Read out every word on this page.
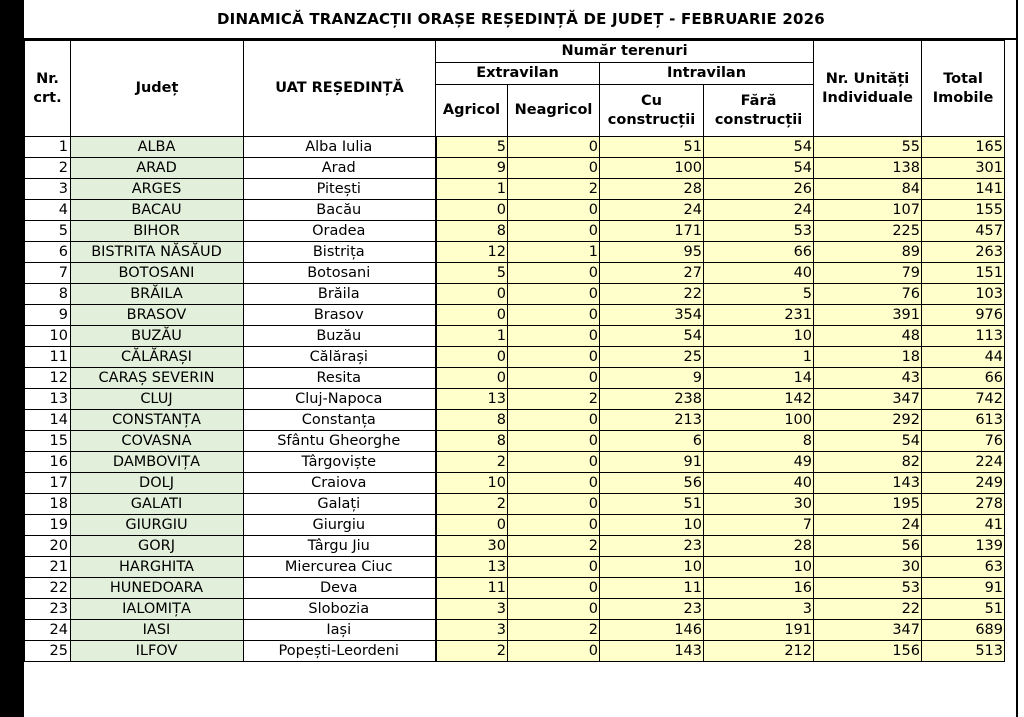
DINAMICĂ TRANZACȚII ORAȘE REȘEDINȚĂ DE JUDEȚ - FEBRUARIE 2026
Nr. crt.	Județ	UAT REȘEDINȚĂ	Număr terenuri				Nr. Unități Individuale	Total Imobile
			Extravilan		Intravilan			
			Agricol	Neagricol	Cu construcții	Fără construcții		
1	ALBA	Alba Iulia	5	0	51	54	55	165
2	ARAD	Arad	9	0	100	54	138	301
3	ARGES	Pitești	1	2	28	26	84	141
4	BACAU	Bacău	0	0	24	24	107	155
5	BIHOR	Oradea	8	0	171	53	225	457
6	BISTRITA NĂSĂUD	Bistrița	12	1	95	66	89	263
7	BOTOSANI	Botosani	5	0	27	40	79	151
8	BRĂILA	Brăila	0	0	22	5	76	103
9	BRASOV	Brasov	0	0	354	231	391	976
10	BUZĂU	Buzău	1	0	54	10	48	113
11	CĂLĂRAȘI	Călărași	0	0	25	1	18	44
12	CARAȘ SEVERIN	Resita	0	0	9	14	43	66
13	CLUJ	Cluj-Napoca	13	2	238	142	347	742
14	CONSTANȚA	Constanța	8	0	213	100	292	613
15	COVASNA	Sfântu Gheorghe	8	0	6	8	54	76
16	DAMBOVIȚA	Târgoviște	2	0	91	49	82	224
17	DOLJ	Craiova	10	0	56	40	143	249
18	GALATI	Galați	2	0	51	30	195	278
19	GIURGIU	Giurgiu	0	0	10	7	24	41
20	GORJ	Târgu Jiu	30	2	23	28	56	139
21	HARGHITA	Miercurea Ciuc	13	0	10	10	30	63
22	HUNEDOARA	Deva	11	0	11	16	53	91
23	IALOMIȚA	Slobozia	3	0	23	3	22	51
24	IASI	Iași	3	2	146	191	347	689
25	ILFOV	Popești-Leordeni	2	0	143	212	156	513
